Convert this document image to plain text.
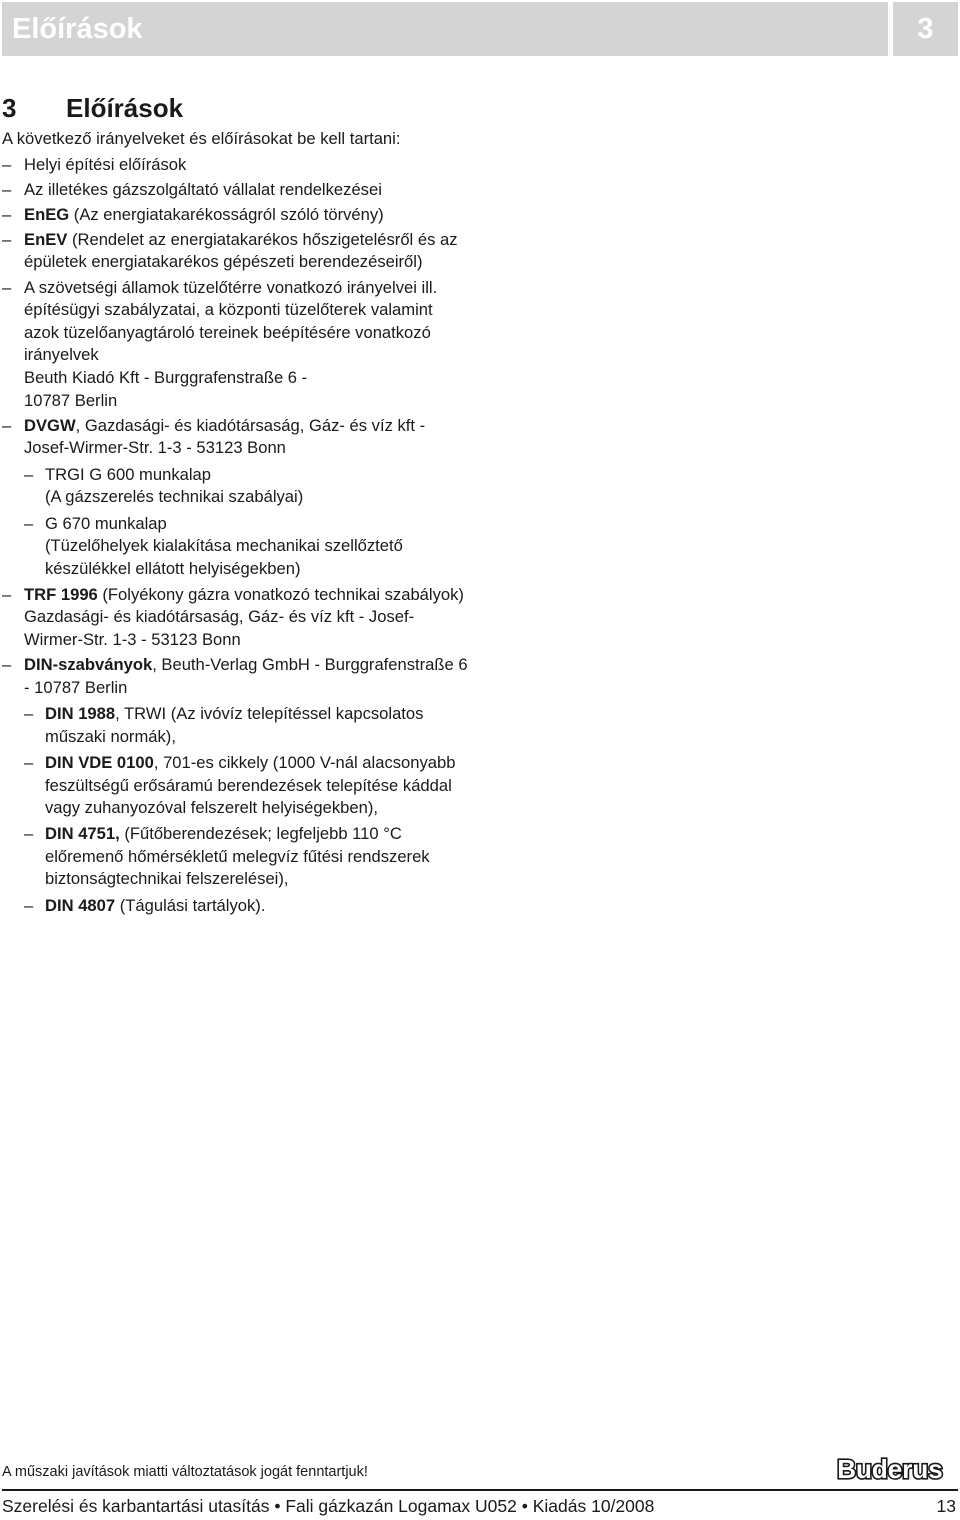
Előírások	3
3 Előírások

A következő irányelveket és előírásokat be kell tartani:

–
Helyi építési előírások
–
Az illetékes gázszolgáltató vállalat rendelkezései
–
EnEG (Az energiatakarékosságról szóló törvény)
–
EnEV (Rendelet az energiatakarékos hőszigetelésről és az épületek energiatakarékos gépészeti berendezéseiről)
–
A szövetségi államok tüzelőtérre vonatkozó irányelvei ill. építésügyi szabályzatai, a központi tüzelőterek valamint azok tüzelőanyagtároló tereinek beépítésére vonatkozó irányelvek
Beuth Kiadó Kft - Burggrafenstraße 6 -
10787 Berlin
–
DVGW, Gazdasági- és kiadótársaság, Gáz- és víz kft - Josef-Wirmer-Str. 1-3 - 53123 Bonn
–
TRGI G 600 munkalap
(A gázszerelés technikai szabályai)
–
G 670 munkalap
(Tüzelőhelyek kialakítása mechanikai szellőztető készülékkel ellátott helyiségekben)
–
TRF 1996 (Folyékony gázra vonatkozó technikai szabályok)
Gazdasági- és kiadótársaság, Gáz- és víz kft - Josef-Wirmer-Str. 1-3 - 53123 Bonn
–
DIN-szabványok, Beuth-Verlag GmbH - Burggrafenstraße 6 - 10787 Berlin
–
DIN 1988, TRWI (Az ivóvíz telepítéssel kapcsolatos műszaki normák),
–
DIN VDE 0100, 701-es cikkely (1000 V-nál alacsonyabb feszültségű erősáramú berendezések telepítése káddal vagy zuhanyozóval felszerelt helyiségekben),
–
DIN 4751, (Fűtőberendezések; legfeljebb 110 °C előremenő hőmérsékletű melegvíz fűtési rendszerek biztonságtechnikai felszerelései),
–
DIN 4807 (Tágulási tartályok).
A műszaki javítások miatti változtatások jogát fenntartjuk!	Buderus
Szerelési és karbantartási utasítás • Fali gázkazán Logamax U052 • Kiadás 10/2008	13
